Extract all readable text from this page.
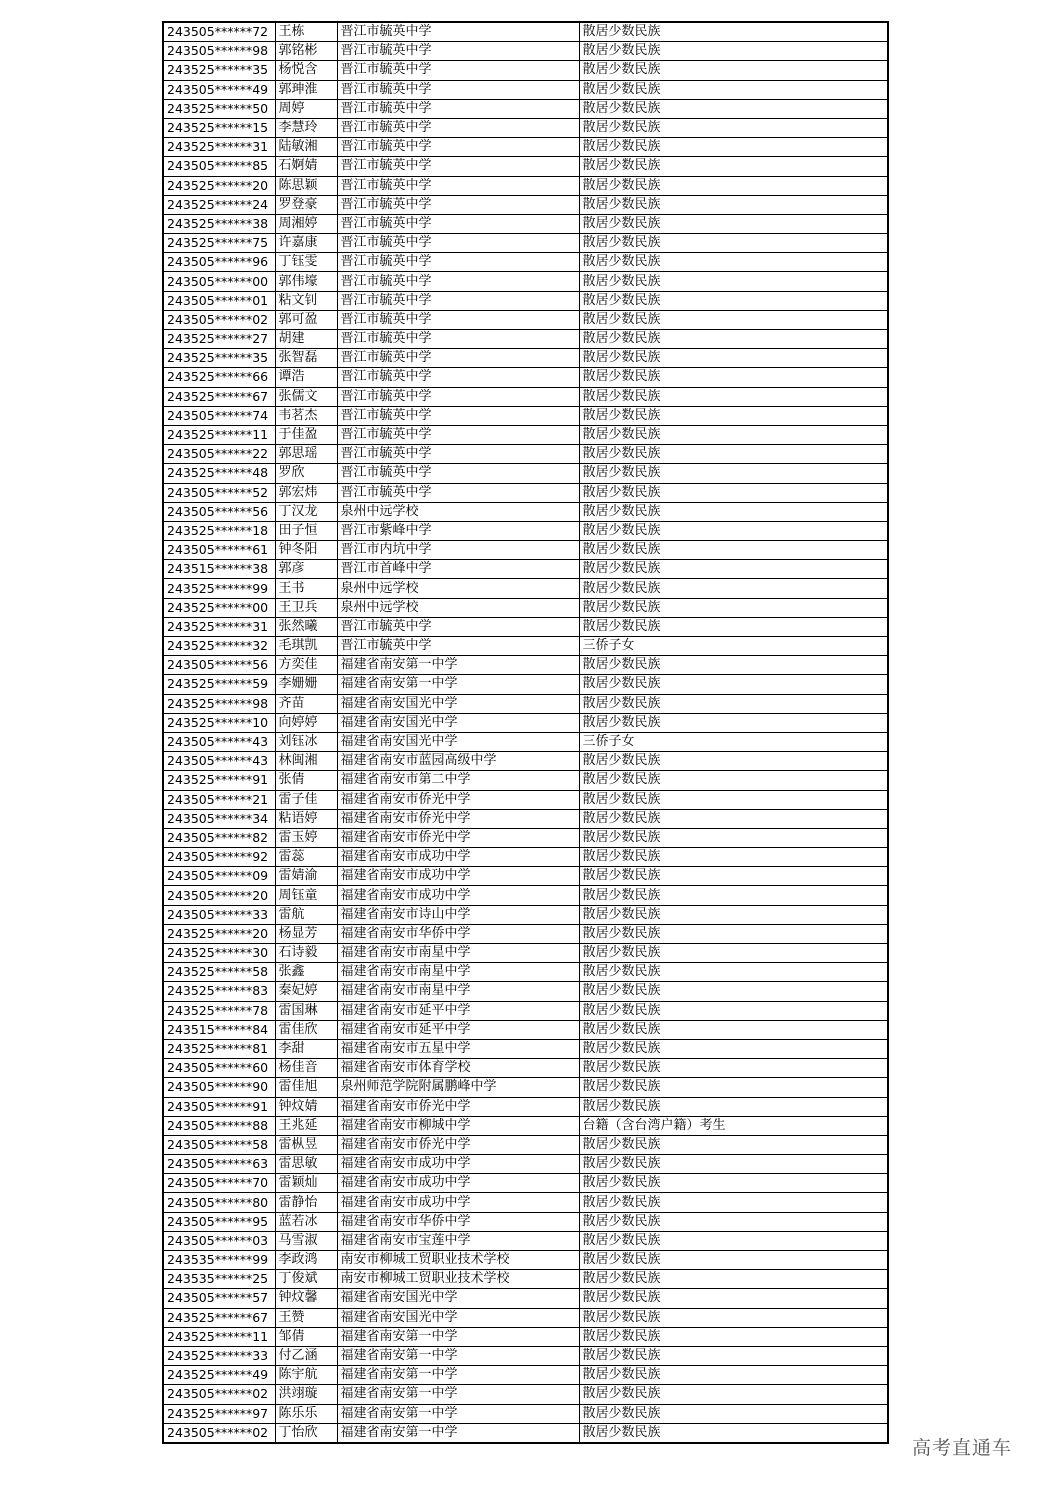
243505******72	王栋	晋江市毓英中学	散居少数民族
243505******98	郭铭彬	晋江市毓英中学	散居少数民族
243525******35	杨悦含	晋江市毓英中学	散居少数民族
243505******49	郭珅淮	晋江市毓英中学	散居少数民族
243525******50	周婷	晋江市毓英中学	散居少数民族
243525******15	李慧玲	晋江市毓英中学	散居少数民族
243525******31	陆敏湘	晋江市毓英中学	散居少数民族
243505******85	石婀婧	晋江市毓英中学	散居少数民族
243525******20	陈思颖	晋江市毓英中学	散居少数民族
243525******24	罗登豪	晋江市毓英中学	散居少数民族
243525******38	周湘婷	晋江市毓英中学	散居少数民族
243525******75	许嘉康	晋江市毓英中学	散居少数民族
243505******96	丁钰雯	晋江市毓英中学	散居少数民族
243505******00	郭伟壕	晋江市毓英中学	散居少数民族
243505******01	粘文钊	晋江市毓英中学	散居少数民族
243505******02	郭可盈	晋江市毓英中学	散居少数民族
243525******27	胡建	晋江市毓英中学	散居少数民族
243525******35	张智磊	晋江市毓英中学	散居少数民族
243525******66	谭浩	晋江市毓英中学	散居少数民族
243525******67	张儒文	晋江市毓英中学	散居少数民族
243505******74	韦茗杰	晋江市毓英中学	散居少数民族
243525******11	于佳盈	晋江市毓英中学	散居少数民族
243505******22	郭思瑶	晋江市毓英中学	散居少数民族
243525******48	罗欣	晋江市毓英中学	散居少数民族
243505******52	郭宏炜	晋江市毓英中学	散居少数民族
243505******56	丁汉龙	泉州中远学校	散居少数民族
243525******18	田子恒	晋江市紫峰中学	散居少数民族
243505******61	钟冬阳	晋江市内坑中学	散居少数民族
243515******38	郭彦	晋江市首峰中学	散居少数民族
243525******99	王书	泉州中远学校	散居少数民族
243525******00	王卫兵	泉州中远学校	散居少数民族
243525******31	张然曦	晋江市毓英中学	散居少数民族
243525******32	毛琪凯	晋江市毓英中学	三侨子女
243505******56	方奕佳	福建省南安第一中学	散居少数民族
243525******59	李姗姗	福建省南安第一中学	散居少数民族
243525******98	齐苗	福建省南安国光中学	散居少数民族
243525******10	向婷婷	福建省南安国光中学	散居少数民族
243505******43	刘钰冰	福建省南安国光中学	三侨子女
243505******43	林闽湘	福建省南安市蓝园高级中学	散居少数民族
243525******91	张倩	福建省南安市第二中学	散居少数民族
243505******21	雷子佳	福建省南安市侨光中学	散居少数民族
243505******34	粘语婷	福建省南安市侨光中学	散居少数民族
243505******82	雷玉婷	福建省南安市侨光中学	散居少数民族
243505******92	雷蕊	福建省南安市成功中学	散居少数民族
243505******09	雷婧渝	福建省南安市成功中学	散居少数民族
243505******20	周钰童	福建省南安市成功中学	散居少数民族
243505******33	雷航	福建省南安市诗山中学	散居少数民族
243525******20	杨显芳	福建省南安市华侨中学	散居少数民族
243525******30	石诗毅	福建省南安市南星中学	散居少数民族
243525******58	张鑫	福建省南安市南星中学	散居少数民族
243525******83	秦妃婷	福建省南安市南星中学	散居少数民族
243525******78	雷国琳	福建省南安市延平中学	散居少数民族
243515******84	雷佳欣	福建省南安市延平中学	散居少数民族
243525******81	李甜	福建省南安市五星中学	散居少数民族
243505******60	杨佳音	福建省南安市体育学校	散居少数民族
243505******90	雷佳旭	泉州师范学院附属鹏峰中学	散居少数民族
243505******91	钟炆婧	福建省南安市侨光中学	散居少数民族
243505******88	王兆延	福建省南安市柳城中学	台籍（含台湾户籍）考生
243505******58	雷枞昱	福建省南安市侨光中学	散居少数民族
243505******63	雷思敏	福建省南安市成功中学	散居少数民族
243505******70	雷颖灿	福建省南安市成功中学	散居少数民族
243505******80	雷静怡	福建省南安市成功中学	散居少数民族
243505******95	蓝若冰	福建省南安市华侨中学	散居少数民族
243505******03	马雪淑	福建省南安市宝莲中学	散居少数民族
243535******99	李政鸿	南安市柳城工贸职业技术学校	散居少数民族
243535******25	丁俊斌	南安市柳城工贸职业技术学校	散居少数民族
243505******57	钟炆馨	福建省南安国光中学	散居少数民族
243525******67	王赞	福建省南安国光中学	散居少数民族
243525******11	邹倩	福建省南安第一中学	散居少数民族
243525******33	付乙涵	福建省南安第一中学	散居少数民族
243525******49	陈宇航	福建省南安第一中学	散居少数民族
243505******02	洪翊璇	福建省南安第一中学	散居少数民族
243525******97	陈乐乐	福建省南安第一中学	散居少数民族
243505******02	丁怡欣	福建省南安第一中学	散居少数民族
高考直通车
